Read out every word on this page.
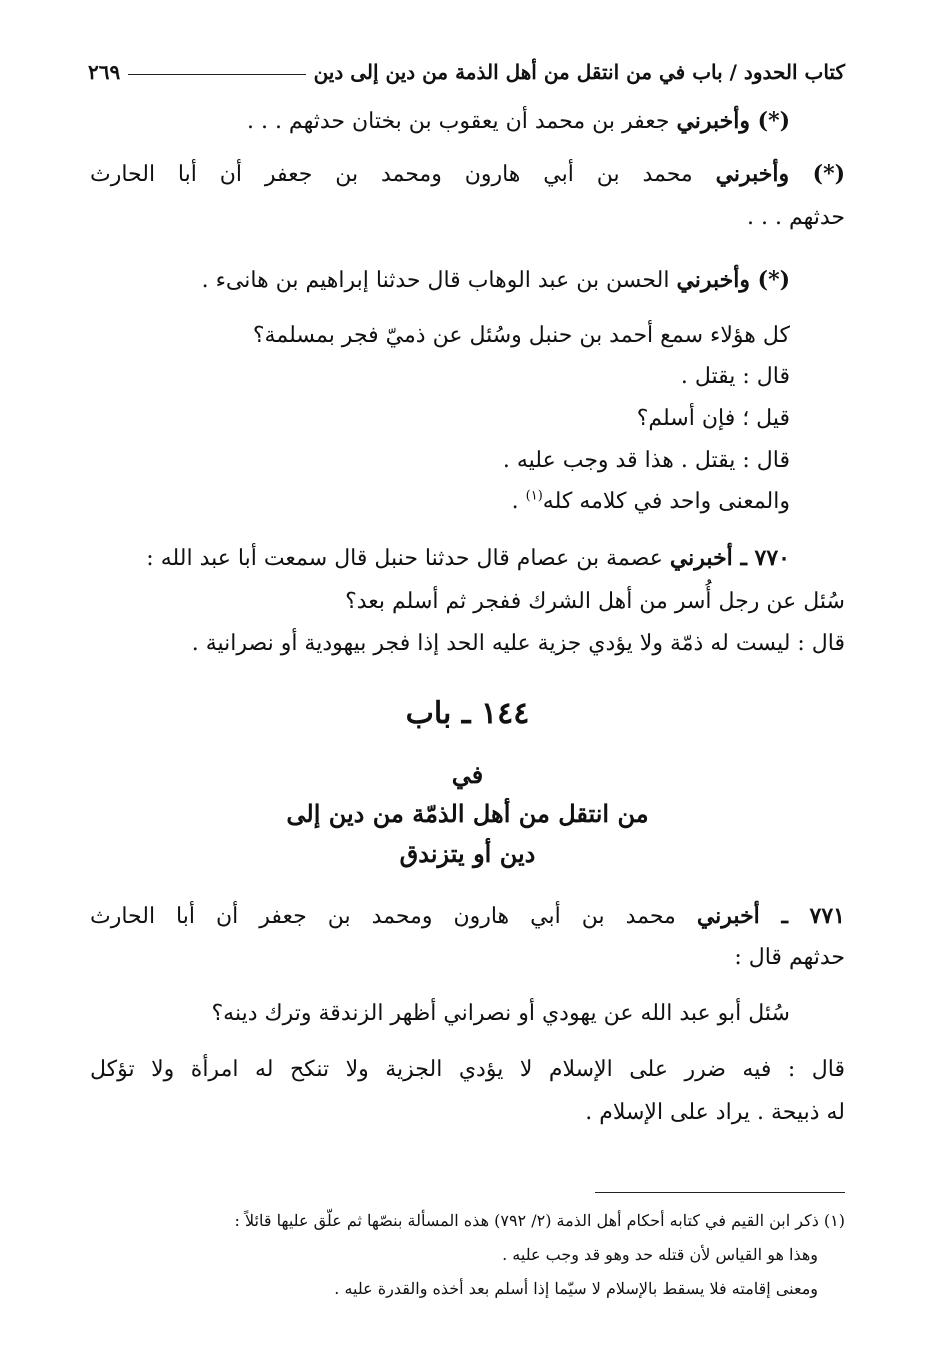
كتاب الحدود / باب في من انتقل من أهل الذمة من دين إلى دين
٢٦٩
(*) وأخبرني جعفر بن محمد أن يعقوب بن بختان حدثهم . . .
(*) وأخبرني محمد بن أبي هارون ومحمد بن جعفر أن أبا الحارث
حدثهم . . .
(*) وأخبرني الحسن بن عبد الوهاب قال حدثنا إبراهيم بن هانىء .
كل هؤلاء سمع أحمد بن حنبل وسُئل عن ذميّ فجر بمسلمة؟
قال : يقتل .
قيل ؛ فإن أسلم؟
قال : يقتل . هذا قد وجب عليه .
والمعنى واحد في كلامه كله$^{(١)}$ .
٧٧٠ ـ أخبرني عصمة بن عصام قال حدثنا حنبل قال سمعت أبا عبد الله :
سُئل عن رجل أُسر من أهل الشرك ففجر ثم أسلم بعد؟
قال : ليست له ذمّة ولا يؤدي جزية عليه الحد إذا فجر بيهودية أو نصرانية .
١٤٤ ـ باب
في
من انتقل من أهل الذمّة من دين إلى
دين أو يتزندق
٧٧١ ـ أخبرني محمد بن أبي هارون ومحمد بن جعفر أن أبا الحارث
حدثهم قال :
سُئل أبو عبد الله عن يهودي أو نصراني أظهر الزندقة وترك دينه؟
قال : فيه ضرر على الإسلام لا يؤدي الجزية ولا تنكح له امرأة ولا تؤكل
له ذبيحة . يراد على الإسلام .
(١) ذكر ابن القيم في كتابه أحكام أهل الذمة (٢/ ٧٩٢) هذه المسألة بنصّها ثم علّق عليها قائلاً :
وهذا هو القياس لأن قتله حد وهو قد وجب عليه .
ومعنى إقامته فلا يسقط بالإسلام لا سيّما إذا أسلم بعد أخذه والقدرة عليه .
